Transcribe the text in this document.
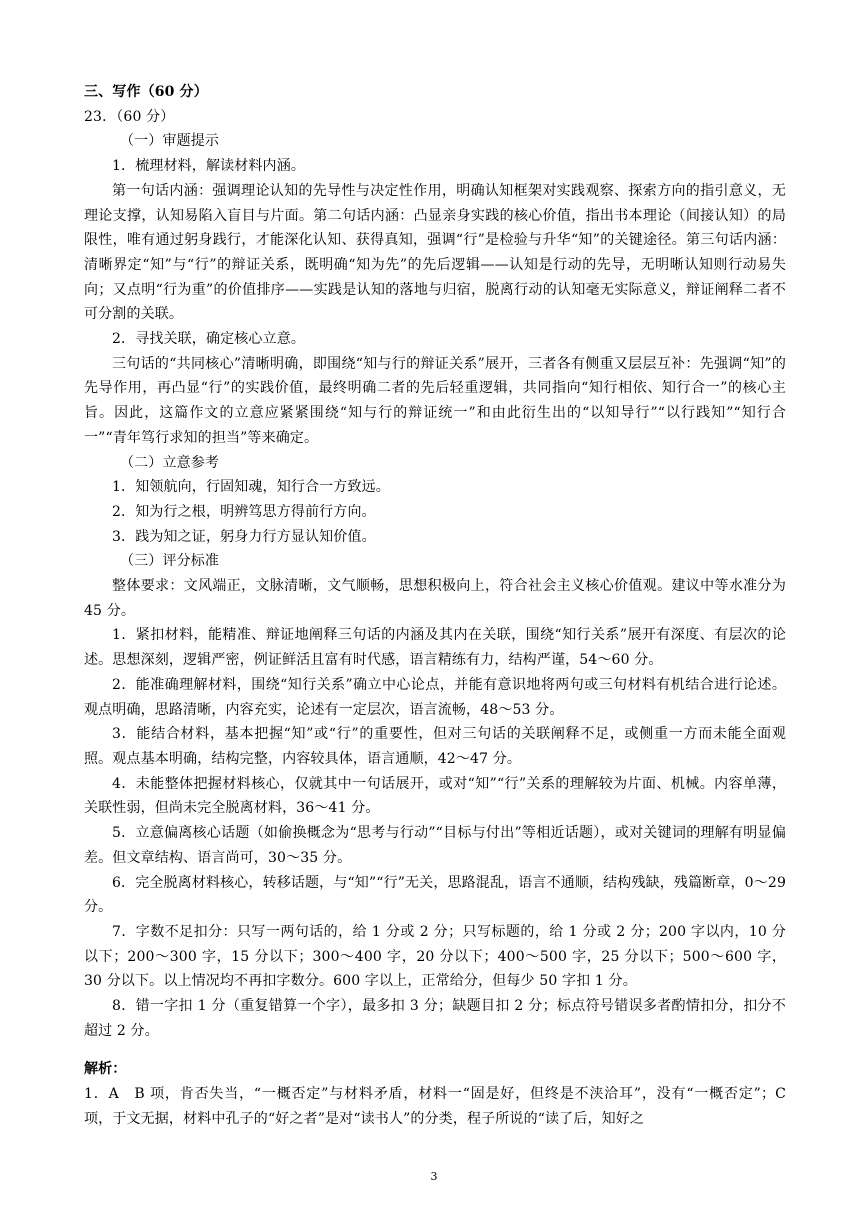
三、写作（60 分）

23．（60 分）

（一）审题提示

1．梳理材料，解读材料内涵。

第一句话内涵：强调理论认知的先导性与决定性作用，明确认知框架对实践观察、探索方向的指引意义，无理论支撑，认知易陷入盲目与片面。第二句话内涵：凸显亲身实践的核心价值，指出书本理论（间接认知）的局限性，唯有通过躬身践行，才能深化认知、获得真知，强调“行”是检验与升华“知”的关键途径。第三句话内涵：清晰界定“知”与“行”的辩证关系，既明确“知为先”的先后逻辑——认知是行动的先导，无明晰认知则行动易失向；又点明“行为重”的价值排序——实践是认知的落地与归宿，脱离行动的认知毫无实际意义，辩证阐释二者不可分割的关联。

2．寻找关联，确定核心立意。

三句话的“共同核心”清晰明确，即围绕“知与行的辩证关系”展开，三者各有侧重又层层互补：先强调“知”的先导作用，再凸显“行”的实践价值，最终明确二者的先后轻重逻辑，共同指向“知行相依、知行合一”的核心主旨。因此，这篇作文的立意应紧紧围绕“知与行的辩证统一”和由此衍生出的“以知导行”“以行践知”“知行合一”“青年笃行求知的担当”等来确定。

（二）立意参考

1．知领航向，行固知魂，知行合一方致远。

2．知为行之根，明辨笃思方得前行方向。

3．践为知之证，躬身力行方显认知价值。

（三）评分标准

整体要求：文风端正，文脉清晰，文气顺畅，思想积极向上，符合社会主义核心价值观。建议中等水准分为 45 分。

1．紧扣材料，能精准、辩证地阐释三句话的内涵及其内在关联，围绕“知行关系”展开有深度、有层次的论述。思想深刻，逻辑严密，例证鲜活且富有时代感，语言精练有力，结构严谨，54～60 分。

2．能准确理解材料，围绕“知行关系”确立中心论点，并能有意识地将两句或三句材料有机结合进行论述。观点明确，思路清晰，内容充实，论述有一定层次，语言流畅，48～53 分。

3．能结合材料，基本把握“知”或“行”的重要性，但对三句话的关联阐释不足，或侧重一方而未能全面观照。观点基本明确，结构完整，内容较具体，语言通顺，42～47 分。

4．未能整体把握材料核心，仅就其中一句话展开，或对“知”“行”关系的理解较为片面、机械。内容单薄，关联性弱，但尚未完全脱离材料，36～41 分。

5．立意偏离核心话题（如偷换概念为“思考与行动”“目标与付出”等相近话题），或对关键词的理解有明显偏差。但文章结构、语言尚可，30～35 分。

6．完全脱离材料核心，转移话题，与“知”“行”无关，思路混乱，语言不通顺，结构残缺，残篇断章，0～29 分。

7．字数不足扣分：只写一两句话的，给 1 分或 2 分；只写标题的，给 1 分或 2 分；200 字以内，10 分以下；200～300 字，15 分以下；300～400 字，20 分以下；400～500 字，25 分以下；500～600 字，30 分以下。以上情况均不再扣字数分。600 字以上，正常给分，但每少 50 字扣 1 分。

8．错一字扣 1 分（重复错算一个字），最多扣 3 分；缺题目扣 2 分；标点符号错误多者酌情扣分，扣分不超过 2 分。

解析：

1．A　B 项，肯否失当，“一概否定”与材料矛盾，材料一“固是好，但终是不浃洽耳”，没有“一概否定”；C 项，于文无据，材料中孔子的“好之者”是对“读书人”的分类，程子所说的“读了后，知好之

3
